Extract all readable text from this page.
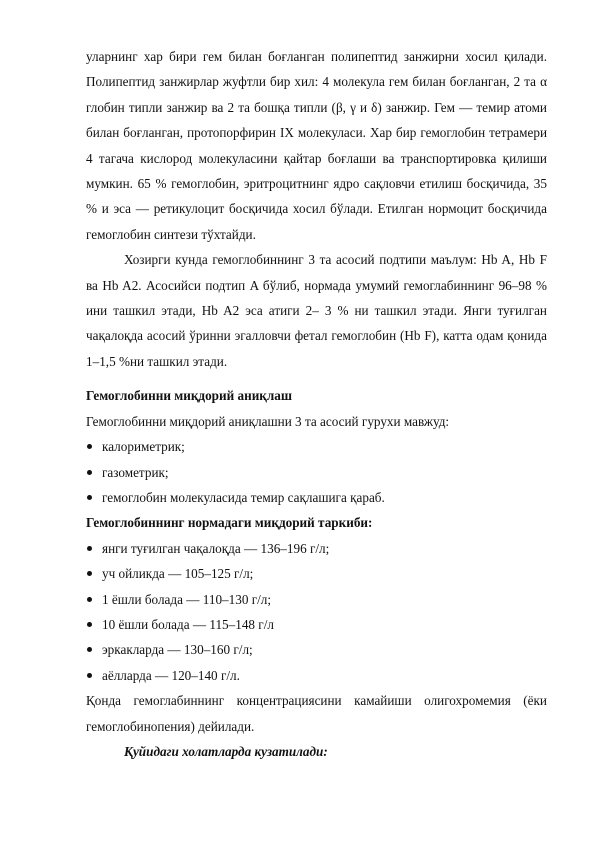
уларнинг хар бири гем билан боғланган полипептид занжирни хосил қилади. Полипептид занжирлар жуфтли бир хил: 4 молекула гем билан боғланган, 2 та α глобин типли занжир ва 2 та бошқа типли (β, γ и δ) занжир. Гем — темир атоми билан боғланган, протопорфирин IX молекуласи. Хар бир гемоглобин тетрамери 4 тагача кислород молекуласини қайтар боғлаши ва транспортировка қилиши мумкин. 65 % гемоглобин, эритроцитнинг ядро сақловчи етилиш босқичида, 35 % и эса — ретикулоцит босқичида хосил бўлади. Етилган нормоцит босқичида гемоглобин синтези тўхтайди.

Хозирги кунда гемоглобиннинг 3 та асосий подтипи маълум: Hb A, Hb F ва Hb A2. Асосийси подтип A бўлиб, нормада умумий гемоглабиннинг 96–98 % ини ташкил этади, Hb A2 эса атиги 2– 3 % ни ташкил этади. Янги туғилган чақалоқда асосий ўринни эгалловчи фетал гемоглобин (Hb F), катта одам қонида 1–1,5 %ни ташкил этади.

Гемоглобинни миқдорий аниқлаш

Гемоглобинни миқдорий аниқлашни 3 та асосий гурухи мавжуд:

калориметрик;
газометрик;
гемоглобин молекуласида темир сақлашига қараб.

Гемоглобиннинг нормадаги миқдорий таркиби:

янги туғилган чақалоқда — 136–196 г/л;
уч ойликда — 105–125 г/л;
1 ёшли болада — 110–130 г/л;
10 ёшли болада — 115–148 г/л
эркакларда — 130–160 г/л;
аёлларда — 120–140 г/л.

Қонда гемоглабиннинг концентрациясини камайиши олигохромемия (ёки гемоглобинопения) дейилади.

Қуйидаги холатларда кузатилади:
